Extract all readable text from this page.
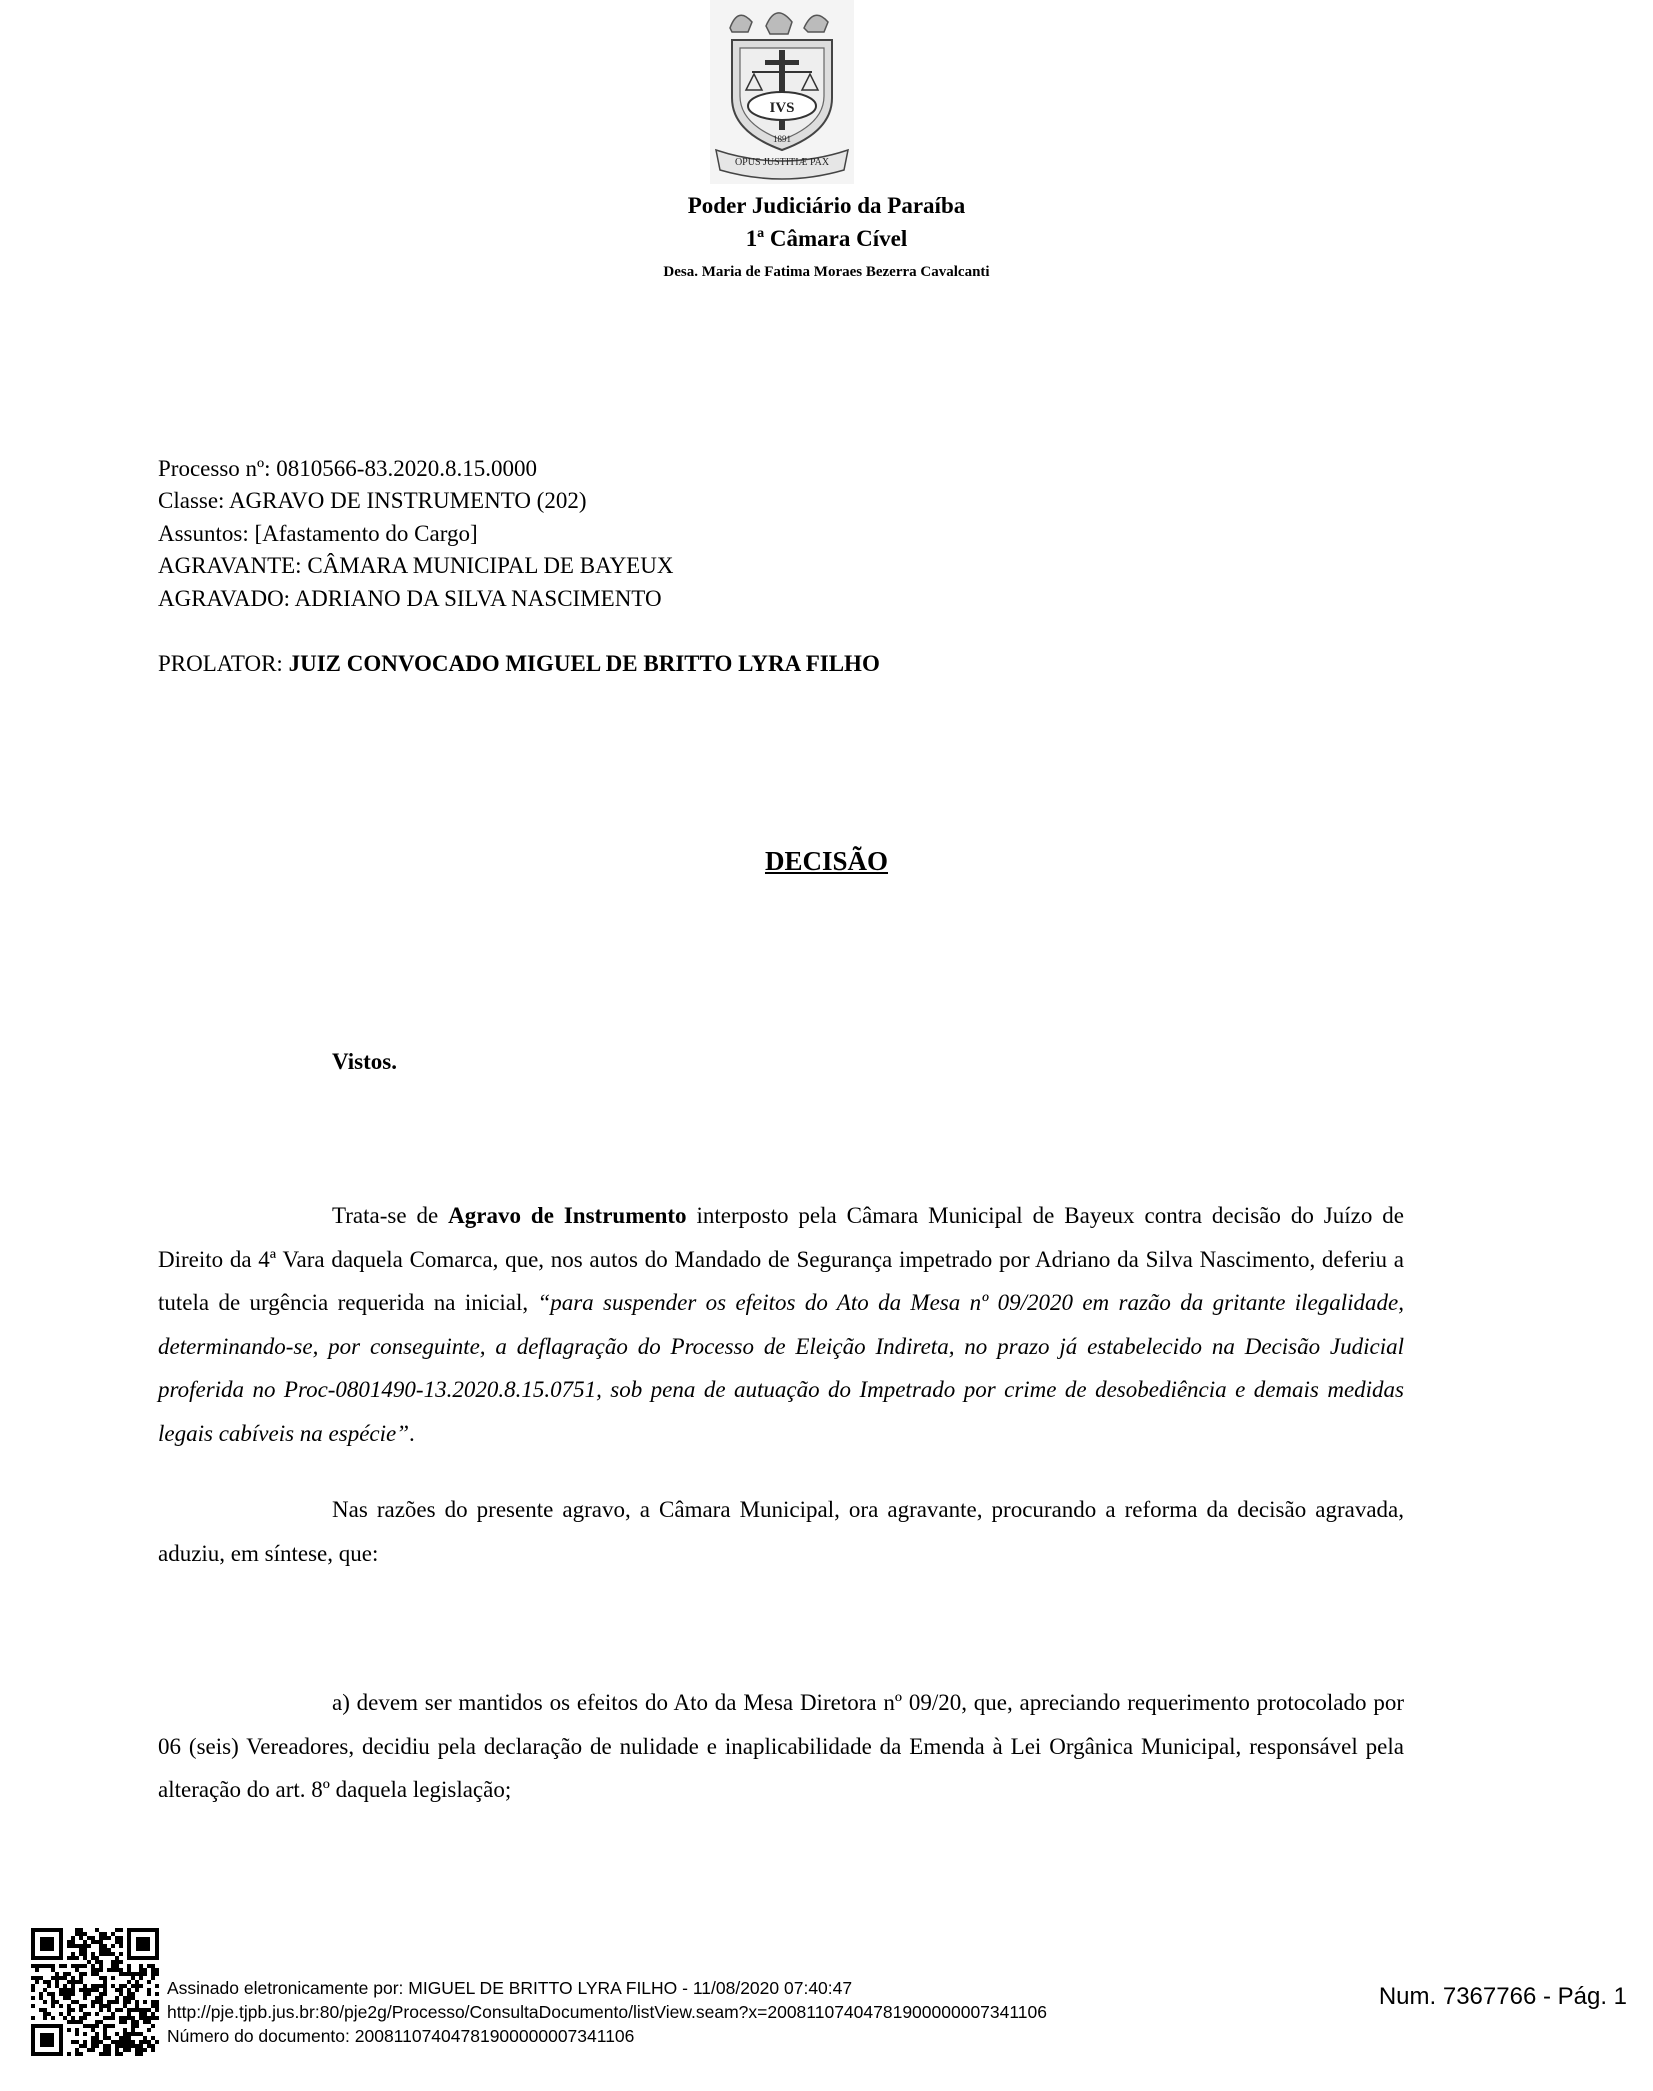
IVS
1891
OPUS JUSTITIÆ PAX
Poder Judiciário da Paraíba
1ª Câmara Cível
Desa. Maria de Fatima Moraes Bezerra Cavalcanti
Processo nº: 0810566-83.2020.8.15.0000
Classe: AGRAVO DE INSTRUMENTO (202)
Assuntos: [Afastamento do Cargo]
AGRAVANTE: CÂMARA MUNICIPAL DE BAYEUX
AGRAVADO: ADRIANO DA SILVA NASCIMENTO
PROLATOR: JUIZ CONVOCADO MIGUEL DE BRITTO LYRA FILHO
DECISÃO
Vistos.
Trata-se de Agravo de Instrumento interposto pela Câmara Municipal de Bayeux contra decisão do Juízo de Direito da 4ª Vara daquela Comarca, que, nos autos do Mandado de Segurança impetrado por Adriano da Silva Nascimento, deferiu a tutela de urgência requerida na inicial, “para suspender os efeitos do Ato da Mesa nº 09/2020 em razão da gritante ilegalidade, determinando-se, por conseguinte, a deflagração do Processo de Eleição Indireta, no prazo já estabelecido na Decisão Judicial proferida no Proc-0801490-13.2020.8.15.0751, sob pena de autuação do Impetrado por crime de desobediência e demais medidas legais cabíveis na espécie”.
Nas razões do presente agravo, a Câmara Municipal, ora agravante, procurando a reforma da decisão agravada, aduziu, em síntese, que:
a) devem ser mantidos os efeitos do Ato da Mesa Diretora nº 09/20, que, apreciando requerimento protocolado por 06 (seis) Vereadores, decidiu pela declaração de nulidade e inaplicabilidade da Emenda à Lei Orgânica Municipal, responsável pela alteração do art. 8º daquela legislação;
Assinado eletronicamente por: MIGUEL DE BRITTO LYRA FILHO - 11/08/2020 07:40:47
http://pje.tjpb.jus.br:80/pje2g/Processo/ConsultaDocumento/listView.seam?x=20081107404781900000007341106
Número do documento: 20081107404781900000007341106
Num. 7367766 - Pág. 1
